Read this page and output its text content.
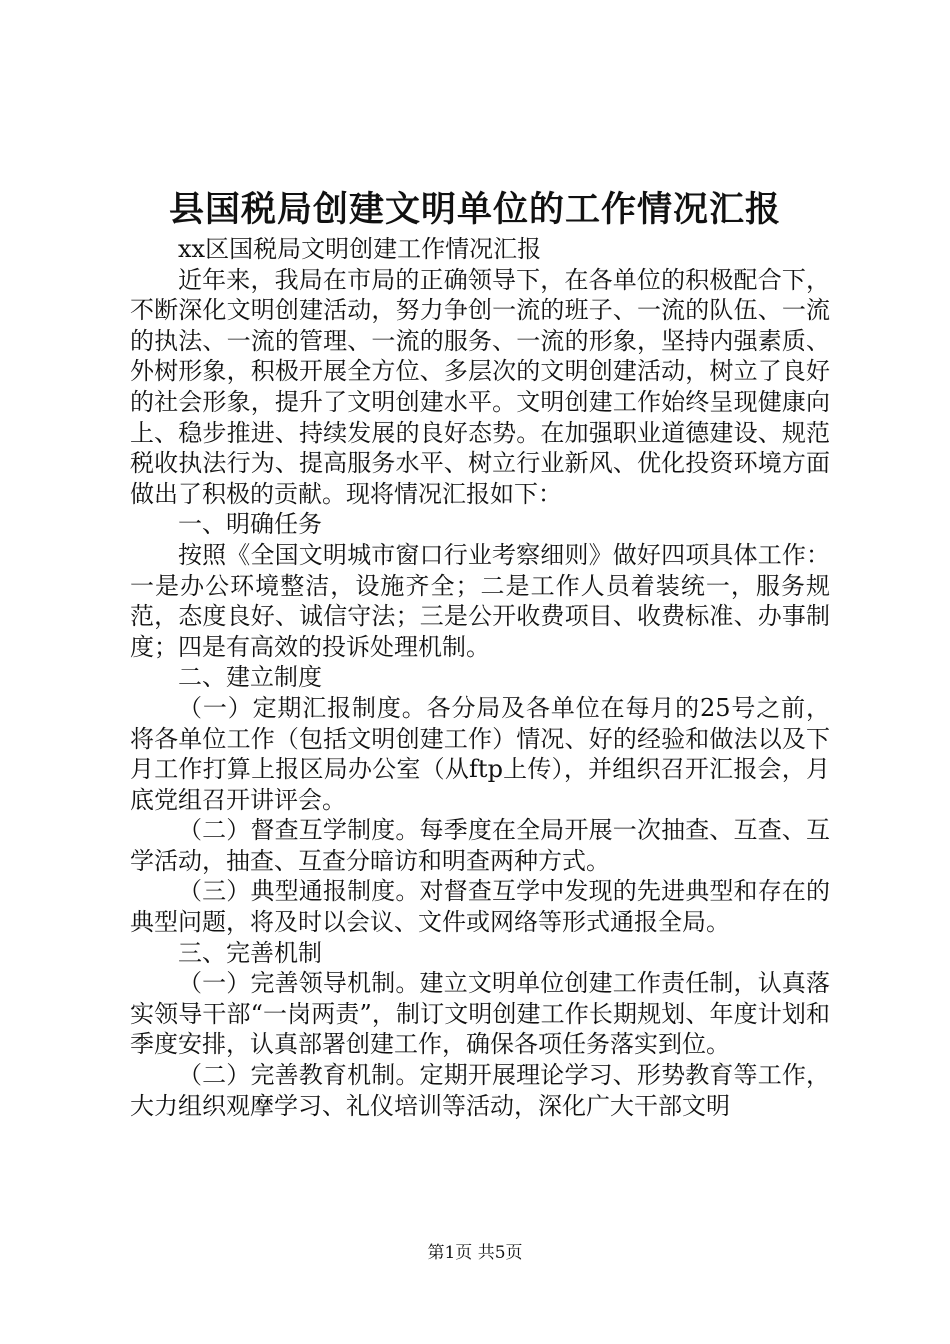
县国税局创建文明单位的工作情况汇报

xx区国税局文明创建工作情况汇报

近年来，我局在市局的正确领导下，在各单位的积极配合下，不断深化文明创建活动，努力争创一流的班子、一流的队伍、一流的执法、一流的管理、一流的服务、一流的形象，坚持内强素质、外树形象，积极开展全方位、多层次的文明创建活动，树立了良好的社会形象，提升了文明创建水平。文明创建工作始终呈现健康向上、稳步推进、持续发展的良好态势。在加强职业道德建设、规范税收执法行为、提高服务水平、树立行业新风、优化投资环境方面做出了积极的贡献。现将情况汇报如下：

一、明确任务

按照《全国文明城市窗口行业考察细则》做好四项具体工作：一是办公环境整洁，设施齐全；二是工作人员着装统一，服务规范，态度良好、诚信守法；三是公开收费项目、收费标准、办事制度；四是有高效的投诉处理机制。

二、建立制度

（一）定期汇报制度。各分局及各单位在每月的25号之前，将各单位工作（包括文明创建工作）情况、好的经验和做法以及下月工作打算上报区局办公室（从ftp上传），并组织召开汇报会，月底党组召开讲评会。

（二）督查互学制度。每季度在全局开展一次抽查、互查、互学活动，抽查、互查分暗访和明查两种方式。

（三）典型通报制度。对督查互学中发现的先进典型和存在的典型问题，将及时以会议、文件或网络等形式通报全局。

三、完善机制

（一）完善领导机制。建立文明单位创建工作责任制，认真落实领导干部“一岗两责”，制订文明创建工作长期规划、年度计划和季度安排，认真部署创建工作，确保各项任务落实到位。

（二）完善教育机制。定期开展理论学习、形势教育等工作，大力组织观摩学习、礼仪培训等活动，深化广大干部文明

第1页 共5页
